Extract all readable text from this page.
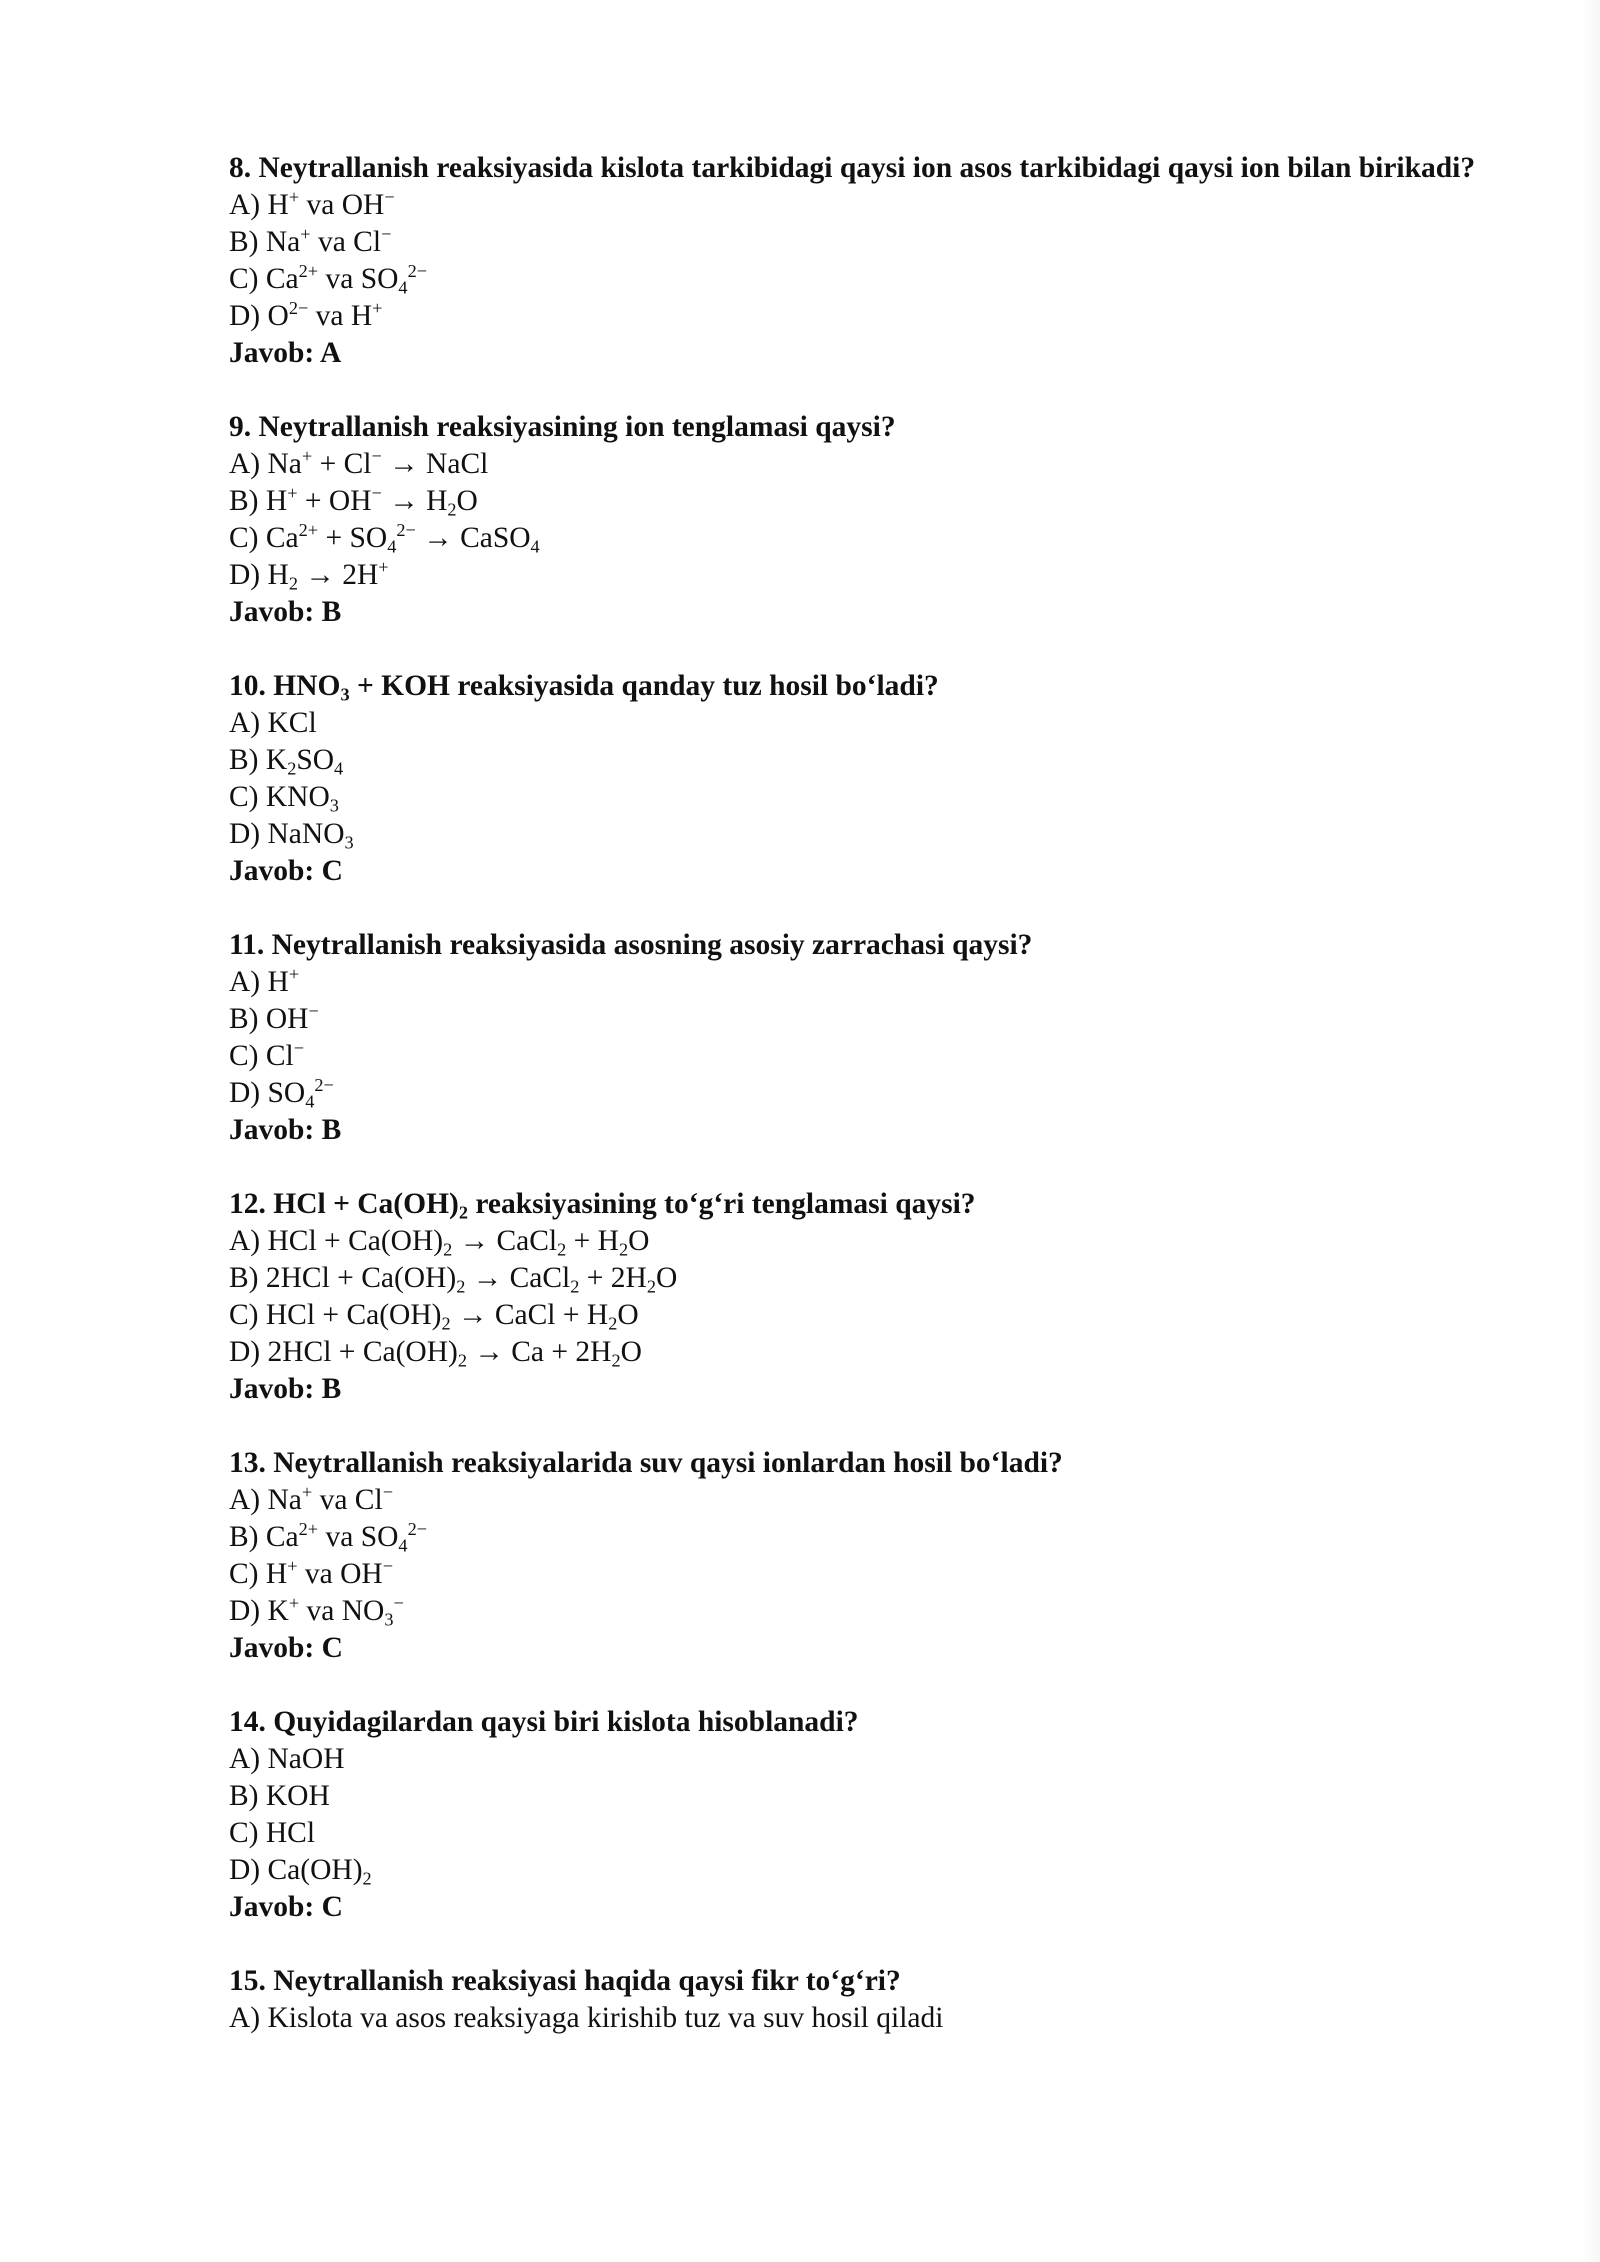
8. Neytrallanish reaksiyasida kislota tarkibidagi qaysi ion asos tarkibidagi qaysi ion bilan birikadi?
A) H+ va OH−
B) Na+ va Cl−
C) $Ca^{2+}$ va $SO_4^{2-}$
D) $O^{2-}$ va H+
Javob: A
9. Neytrallanish reaksiyasining ion tenglamasi qaysi?
A) Na+ + Cl− → NaCl
B) $H^+ + OH^- \to H_2O$
C) $Ca^{2+} + SO_4^{2-}$ → CaSO$_4$
D) $H_2 \to 2H^+$
Javob: B
10. $HNO_3$ + KOH reaksiyasida qanday tuz hosil bo‘ladi?
A) KCl
B) $K_2SO_4$
C) $KNO_3$
D) NaNO$_3$
Javob: C
11. Neytrallanish reaksiyasida asosning asosiy zarrachasi qaysi?
A) H+
B) OH−
C) Cl−
D) $SO_4^{2-}$
Javob: B
12. HCl + $Ca(OH)_2$ reaksiyasining to‘g‘ri tenglamasi qaysi?
A) HCl + $Ca(OH)_2$ → CaCl$_2$ + $H_2O$
B) $2HCl + Ca(OH)_2$ → CaCl$_2$ + $2H_2O$
C) HCl + $Ca(OH)_2$ → CaCl + $H_2O$
D) $2HCl + Ca(OH)_2 \to Ca + 2H_2O$
Javob: B
13. Neytrallanish reaksiyalarida suv qaysi ionlardan hosil bo‘ladi?
A) Na+ va Cl−
B) $Ca^{2+}$ va $SO_4^{2-}$
C) H+ va OH−
D) K+ va $NO_3^-$
Javob: C
14. Quyidagilardan qaysi biri kislota hisoblanadi?
A) NaOH
B) KOH
C) HCl
D) $Ca(OH)_2$
Javob: C
15. Neytrallanish reaksiyasi haqida qaysi fikr to‘g‘ri?
A) Kislota va asos reaksiyaga kirishib tuz va suv hosil qiladi
